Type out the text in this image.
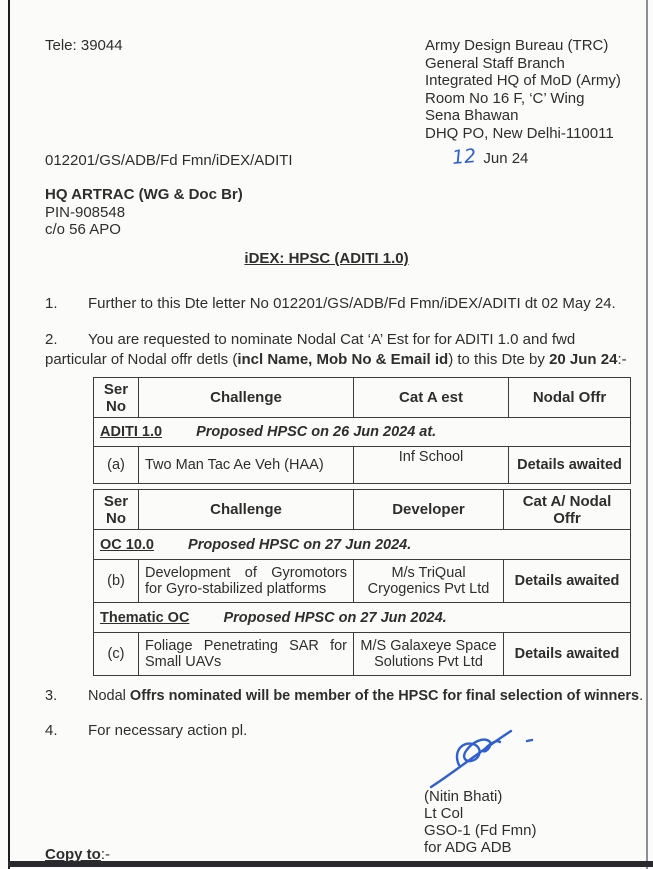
Tele: 39044	Army Design Bureau (TRC)
General Staff Branch
Integrated HQ of MoD (Army)
Room No 16 F, ‘C’ Wing
Sena Bhawan
DHQ PO, New Delhi-110011
012201/GS/ADB/Fd Fmn/iDEX/ADITI	12 Jun 24
HQ ARTRAC (WG & Doc Br)
PIN-908548
c/o 56 APO
iDEX: HPSC (ADITI 1.0)
1. Further to this Dte letter No 012201/GS/ADB/Fd Fmn/iDEX/ADITI dt 02 May 24.
2. You are requested to nominate Nodal Cat ‘A’ Est for for ADITI 1.0 and fwd particular of Nodal offr detls (incl Name, Mob No & Email id) to this Dte by 20 Jun 24:-
Ser No	Challenge	Cat A est	Nodal Offr
ADITI 1.0 Proposed HPSC on 26 Jun 2024 at.			
(a)	Two Man Tac Ae Veh (HAA)	Inf School	Details awaited
Ser No	Challenge	Developer	Cat A/ Nodal Offr
OC 10.0 Proposed HPSC on 27 Jun 2024.			
(b)	Development of Gyromotors for Gyro-stabilized platforms	M/s TriQual Cryogenics Pvt Ltd	Details awaited
Thematic OC Proposed HPSC on 27 Jun 2024.			
(c)	Foliage Penetrating SAR for Small UAVs	M/S Galaxeye Space Solutions Pvt Ltd	Details awaited
3. Nodal Offrs nominated will be member of the HPSC for final selection of winners.
4. For necessary action pl.
(Nitin Bhati)
Lt Col
GSO-1 (Fd Fmn)
for ADG ADB
Copy to:-
